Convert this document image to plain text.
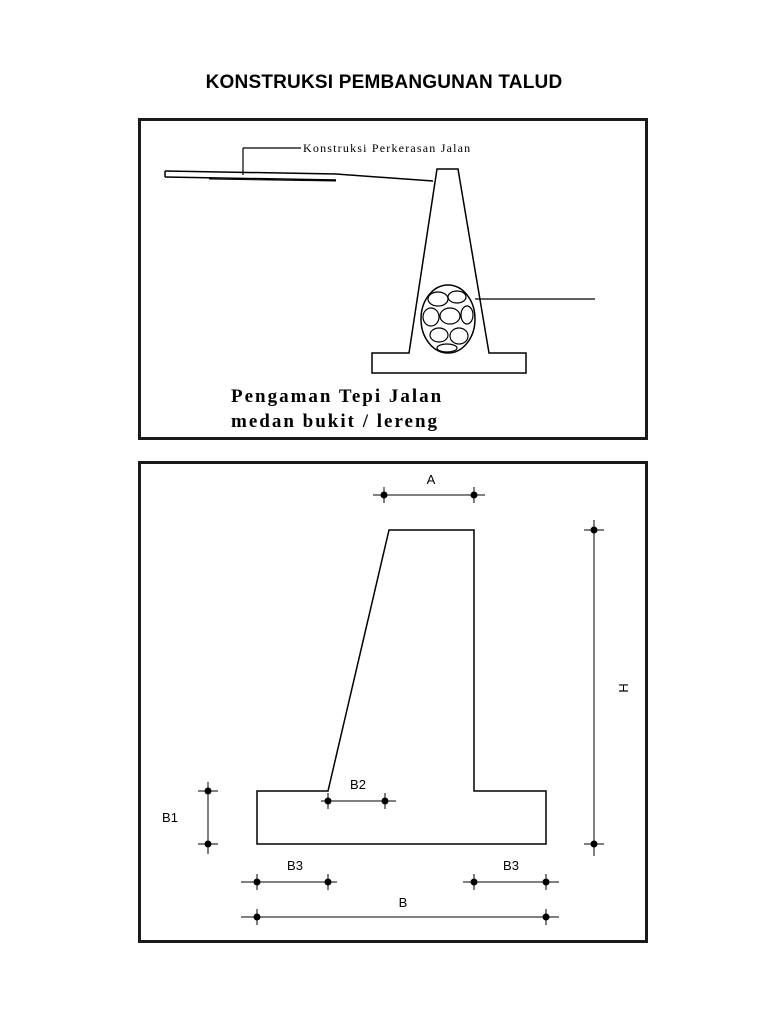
KONSTRUKSI PEMBANGUNAN TALUD
Konstruksi Perkerasan Jalan
Pengaman Tepi Jalan
medan bukit / lereng
A
H
B1
B2
B3	B3
B
